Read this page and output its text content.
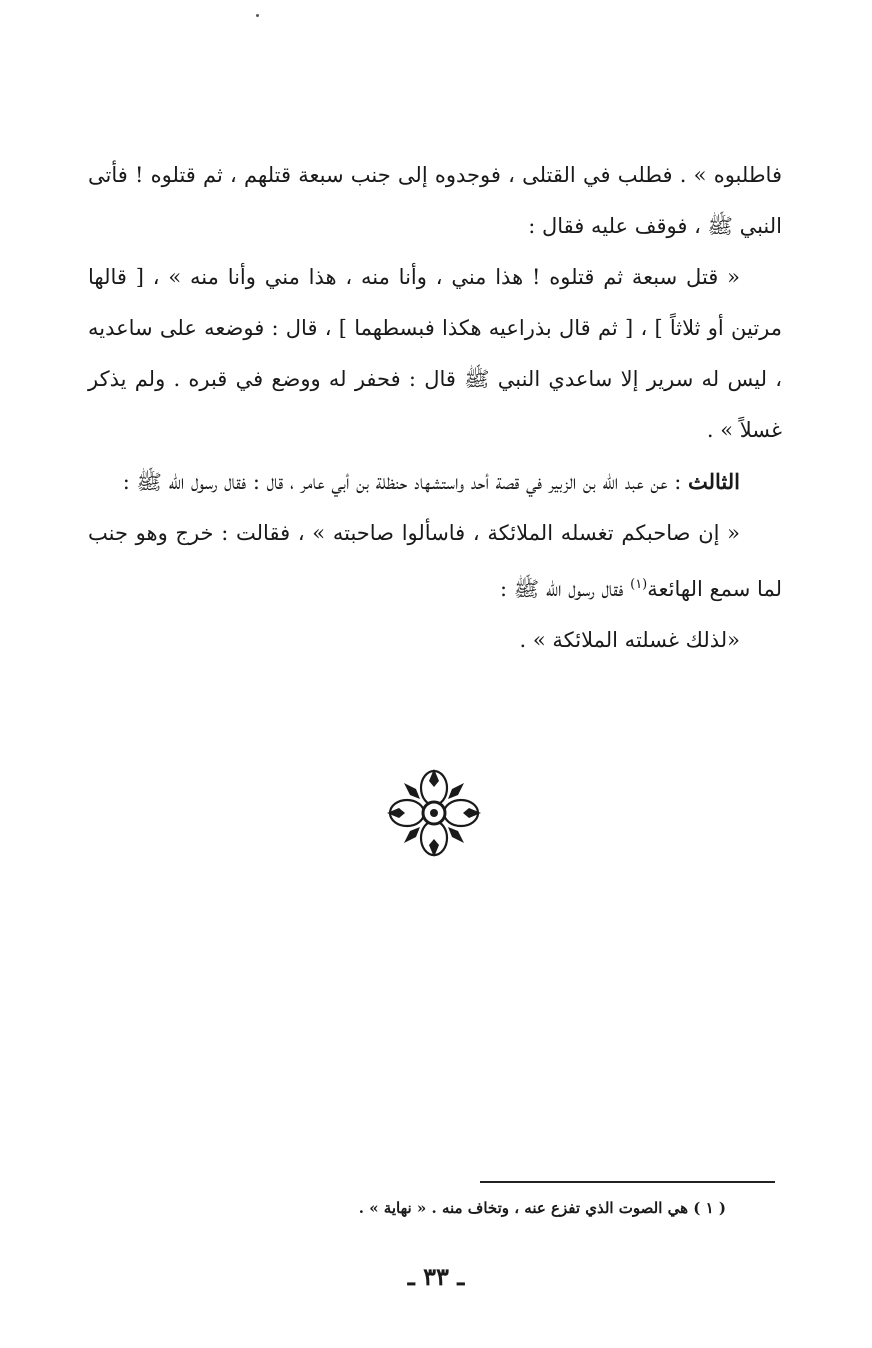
فاطلبوه » . فطلب في القتلى ، فوجدوه إلى جنب سبعة قتلهم ، ثم قتلوه ! فأتى النبي ﷺ ، فوقف عليه فقال :

« قتل سبعة ثم قتلوه ! هذا مني ، وأنا منه ، هذا مني وأنا منه » ، [ قالها مرتين أو ثلاثاً ] ، [ ثم قال بذراعيه هكذا فبسطهما ] ، قال : فوضعه على ساعديه ، ليس له سرير إلا ساعدي النبي ﷺ قال : فحفر له ووضع في قبره . ولم يذكر غسلاً » .

الثالث : عن عبد الله بن الزبير في قصة أحد واستشهاد حنظلة بن أبي عامر ، قال : فقال رسول الله ﷺ :

« إن صاحبكم تغسله الملائكة ، فاسألوا صاحبته » ، فقالت : خرج وهو جنب لما سمع الهائعة$^{(١)}$ فقال رسول الله ﷺ :

«لذلك غسلته الملائكة » .

( ١ ) هي الصوت الذي تفزع عنه ، وتخاف منه . « نهاية » .
ـ ٣٣ ـ
